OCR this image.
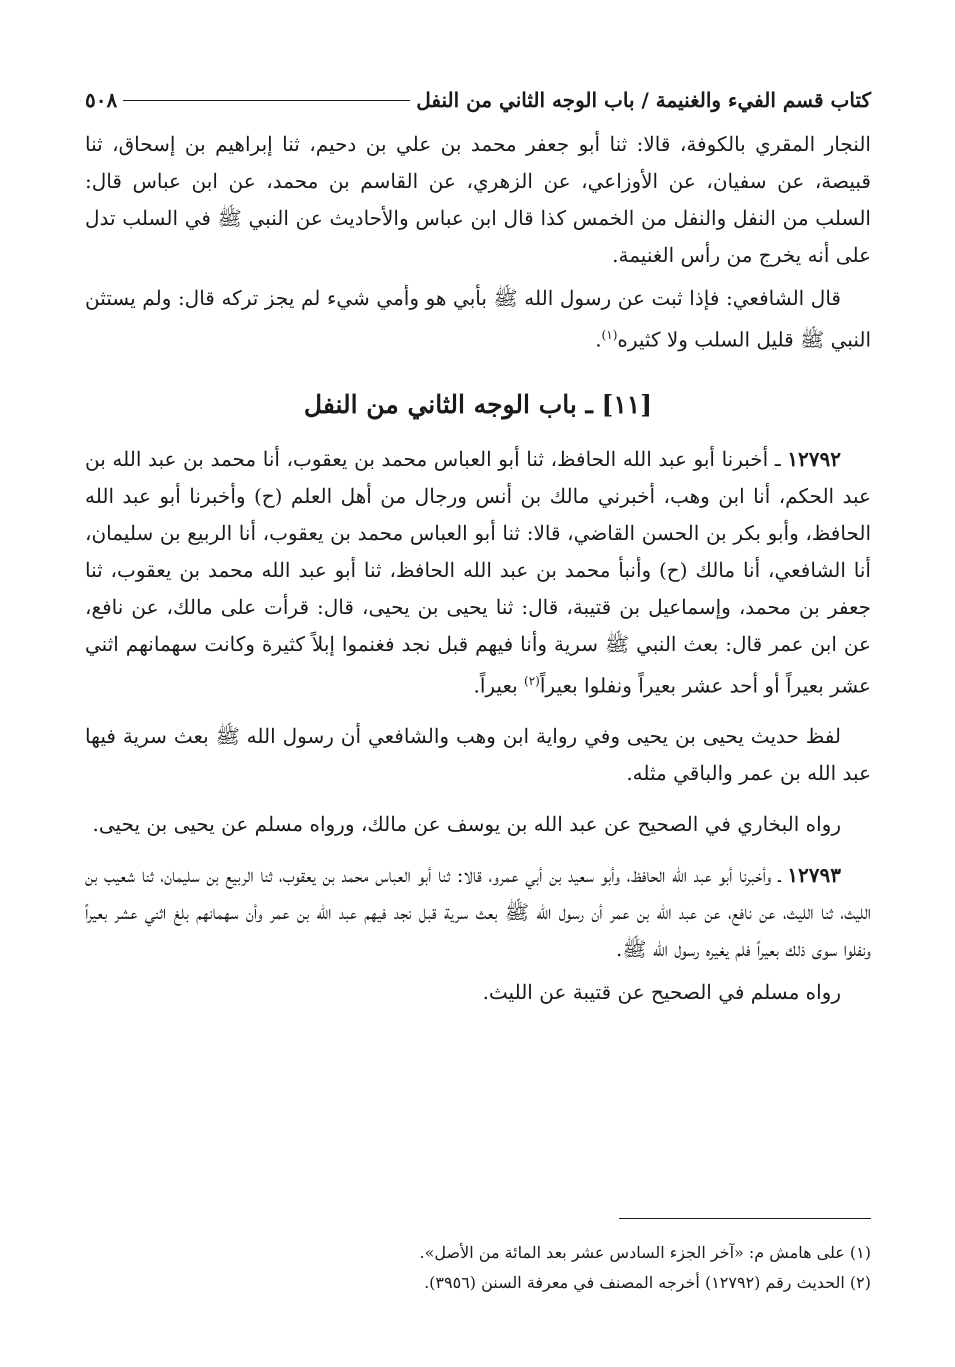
كتاب قسم الفيء والغنيمة / باب الوجه الثاني من النفل
٥٠٨

النجار المقري بالكوفة، قالا: ثنا أبو جعفر محمد بن علي بن دحيم، ثنا إبراهيم بن إسحاق، ثنا قبيصة، عن سفيان، عن الأوزاعي، عن الزهري، عن القاسم بن محمد، عن ابن عباس قال: السلب من النفل والنفل من الخمس كذا قال ابن عباس والأحاديث عن النبي ﷺ في السلب تدل على أنه يخرج من رأس الغنيمة.

قال الشافعي: فإذا ثبت عن رسول الله ﷺ بأبي هو وأمي شيء لم يجز تركه قال: ولم يستثن النبي ﷺ قليل السلب ولا كثيره$^{(١)}$.

[١١] ـ باب الوجه الثاني من النفل

١٢٧٩٢ ـ أخبرنا أبو عبد الله الحافظ، ثنا أبو العباس محمد بن يعقوب، أنا محمد بن عبد الله بن عبد الحكم، أنا ابن وهب، أخبرني مالك بن أنس ورجال من أهل العلم (ح) وأخبرنا أبو عبد الله الحافظ، وأبو بكر بن الحسن القاضي، قالا: ثنا أبو العباس محمد بن يعقوب، أنا الربيع بن سليمان، أنا الشافعي، أنا مالك (ح) وأنبأ محمد بن عبد الله الحافظ، ثنا أبو عبد الله محمد بن يعقوب، ثنا جعفر بن محمد، وإسماعيل بن قتيبة، قال: ثنا يحيى بن يحيى، قال: قرأت على مالك، عن نافع، عن ابن عمر قال: بعث النبي ﷺ سرية وأنا فيهم قبل نجد فغنموا إبلاً كثيرة وكانت سهمانهم اثني عشر بعيراً أو أحد عشر بعيراً ونفلوا بعيراً$^{(٢)}$ بعيراً.

لفظ حديث يحيى بن يحيى وفي رواية ابن وهب والشافعي أن رسول الله ﷺ بعث سرية فيها عبد الله بن عمر والباقي مثله.

رواه البخاري في الصحيح عن عبد الله بن يوسف عن مالك، ورواه مسلم عن يحيى بن يحيى.

١٢٧٩٣ ـ وأخبرنا أبو عبد الله الحافظ، وأبو سعيد بن أبي عمرو، قالا: ثنا أبو العباس محمد بن يعقوب، ثنا الربيع بن سليمان، ثنا شعيب بن الليث، ثنا الليث، عن نافع، عن عبد الله بن عمر أن رسول الله ﷺ بعث سرية قبل نجد فيهم عبد الله بن عمر وأن سهمانهم بلغ اثني عشر بعيراً ونفلوا سوى ذلك بعيراً فلم يغيره رسول الله ﷺ.

رواه مسلم في الصحيح عن قتيبة عن الليث.

(١) على هامش م: «آخر الجزء السادس عشر بعد المائة من الأصل».

(٢) الحديث رقم (١٢٧٩٢) أخرجه المصنف في معرفة السنن (٣٩٥٦).
